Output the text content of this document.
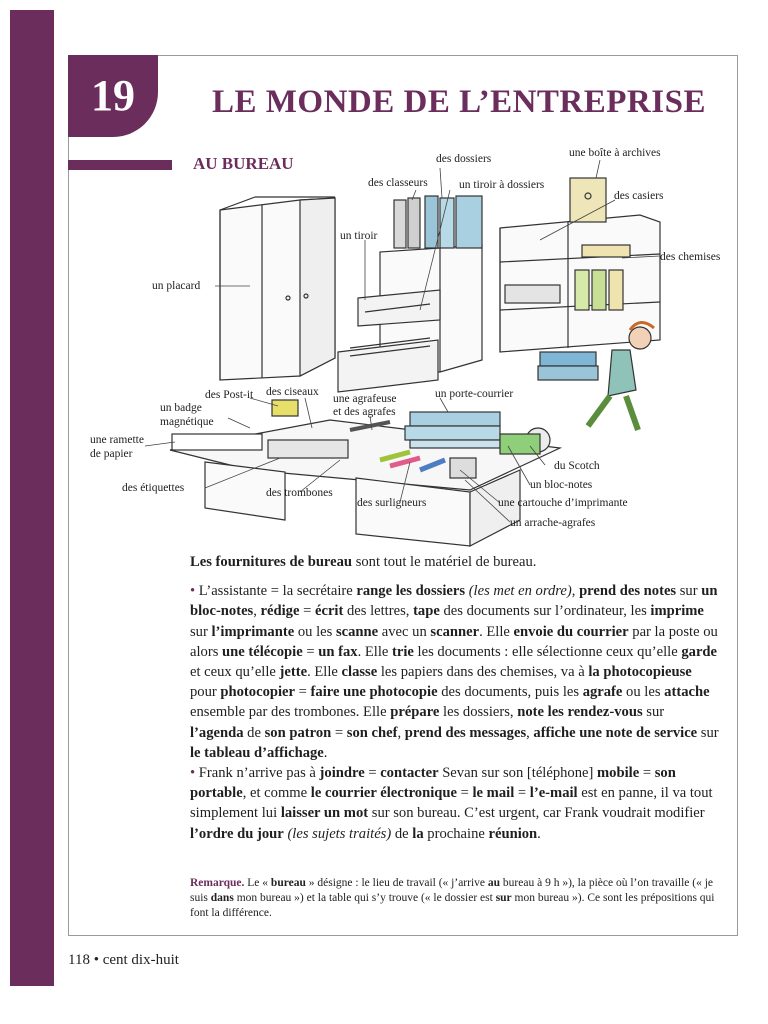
19	LE MONDE DE L’ENTREPRISE
AU BUREAU	des dossiers	une boîte à archives
des classeurs	un tiroir à dossiers
des casiers
un tiroir
des chemises
un placard
des Post-it des ciseaux
une agrafeuse
et des agrafes
un porte-courrier
un badge
magnétique
une ramette
de papier
du Scotch
un bloc-notes
des étiquettes	des trombones
des surligneurs	une cartouche d’imprimante
un arrache-agrafes

Les fournitures de bureau sont tout le matériel de bureau.

• L’assistante = la secrétaire range les dossiers (les met en ordre), prend des notes sur un bloc-notes, rédige = écrit des lettres, tape des documents sur l’ordinateur, les imprime sur l’imprimante ou les scanne avec un scanner. Elle envoie du courrier par la poste ou alors une télécopie = un fax. Elle trie les documents : elle sélectionne ceux qu’elle garde et ceux qu’elle jette. Elle classe les papiers dans des chemises, va à la photocopieuse pour photocopier = faire une photocopie des documents, puis les agrafe ou les attache ensemble par des trombones. Elle prépare les dossiers, note les rendez-vous sur l’agenda de son patron = son chef, prend des messages, affiche une note de service sur le tableau d’affichage.

• Frank n’arrive pas à joindre = contacter Sevan sur son [téléphone] mobile = son portable, et comme le courrier électronique = le mail = l’e-mail est en panne, il va tout simplement lui laisser un mot sur son bureau. C’est urgent, car Frank voudrait modifier l’ordre du jour (les sujets traités) de la prochaine réunion.

Remarque. Le « bureau » désigne : le lieu de travail (« j’arrive au bureau à 9 h »), la pièce où l’on travaille (« je suis dans mon bureau ») et la table qui s’y trouve (« le dossier est sur mon bureau »). Ce sont les prépositions qui font la différence.
118 • cent dix-huit
